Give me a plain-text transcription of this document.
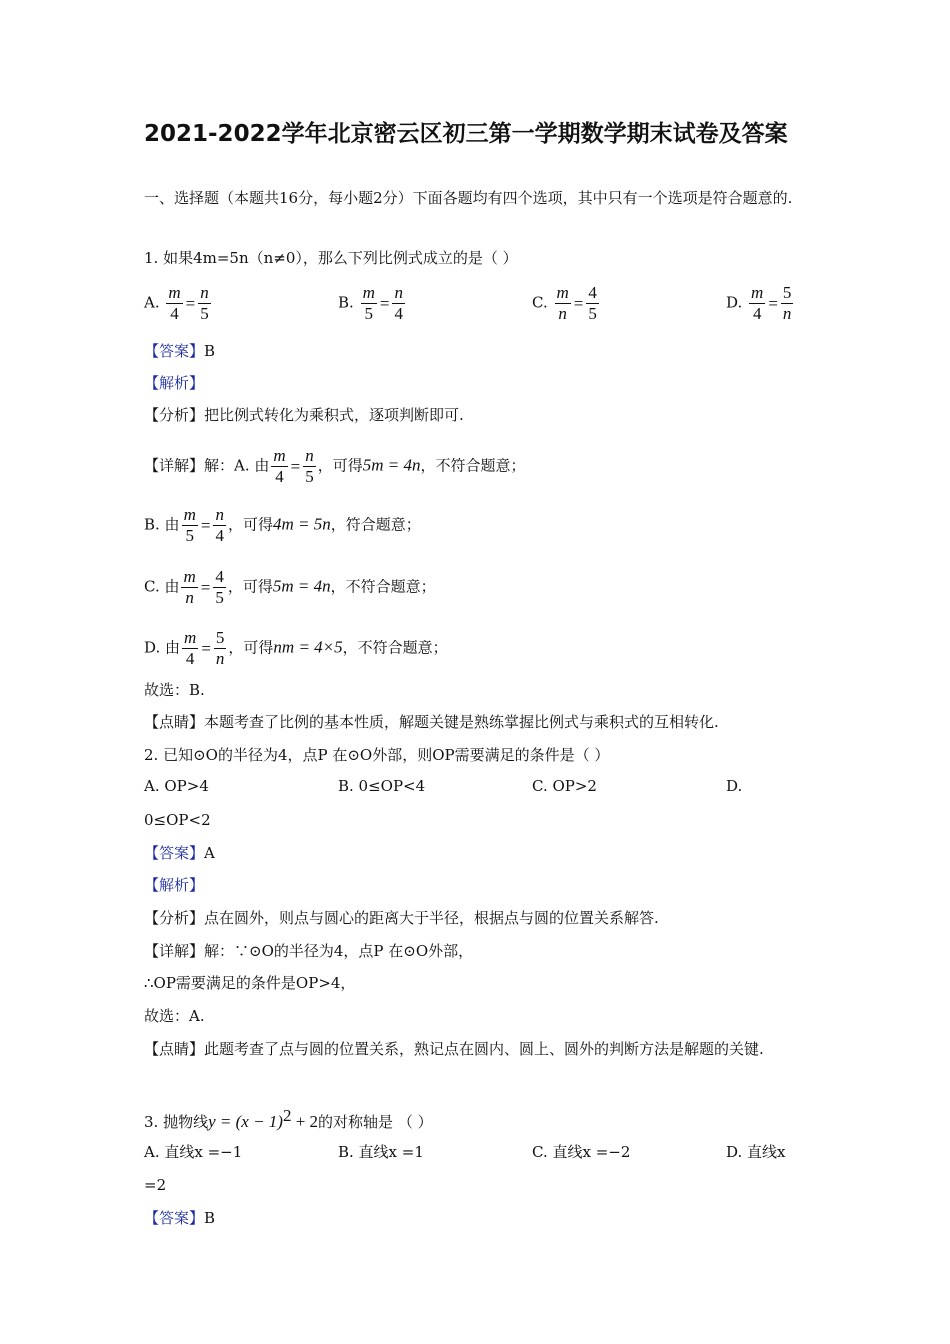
2021-2022学年北京密云区初三第一学期数学期末试卷及答案
一、选择题（本题共16分，每小题2分）下面各题均有四个选项，其中只有一个选项是符合题意的.
1. 如果4m=5n（n≠0），那么下列比例式成立的是（ ）
A. $\frac{m}{4} = \frac{n}{5}$	B. $\frac{m}{5} = \frac{n}{4}$	C. $\frac{m}{n} = \frac{4}{5}$	D. $\frac{m}{4} = \frac{5}{n}$
【答案】B
【解析】
【分析】把比例式转化为乘积式，逐项判断即可.
【详解】解：A. 由 $\frac{m}{4} = \frac{n}{5}$ ，可得5m = 4n，不符合题意；
B. 由 $\frac{m}{5} = \frac{n}{4}$ ，可得4m = 5n，符合题意；
C. 由 $\frac{m}{n} = \frac{4}{5}$ ，可得5m = 4n，不符合题意；
D. 由 $\frac{m}{4} = \frac{5}{n}$ ，可得nm = 4×5，不符合题意；
故选：B.
【点睛】本题考查了比例的基本性质，解题关键是熟练掌握比例式与乘积式的互相转化.
2. 已知⊙O的半径为4，点P 在⊙O外部，则OP需要满足的条件是（ ）
A. OP>4	B. 0≤OP<4	C. OP>2	D.
0≤OP<2
【答案】A
【解析】
【分析】点在圆外，则点与圆心的距离大于半径，根据点与圆的位置关系解答.
【详解】解：∵⊙O的半径为4，点P 在⊙O外部，
∴OP需要满足的条件是OP>4，
故选：A.
【点睛】此题考查了点与圆的位置关系，熟记点在圆内、圆上、圆外的判断方法是解题的关键.
3. 抛物线$y = (x - 1)^2 + 2$的对称轴是 （ ）
A. 直线x =−1	B. 直线x =1	C. 直线x =−2	D. 直线x
=2
【答案】B
